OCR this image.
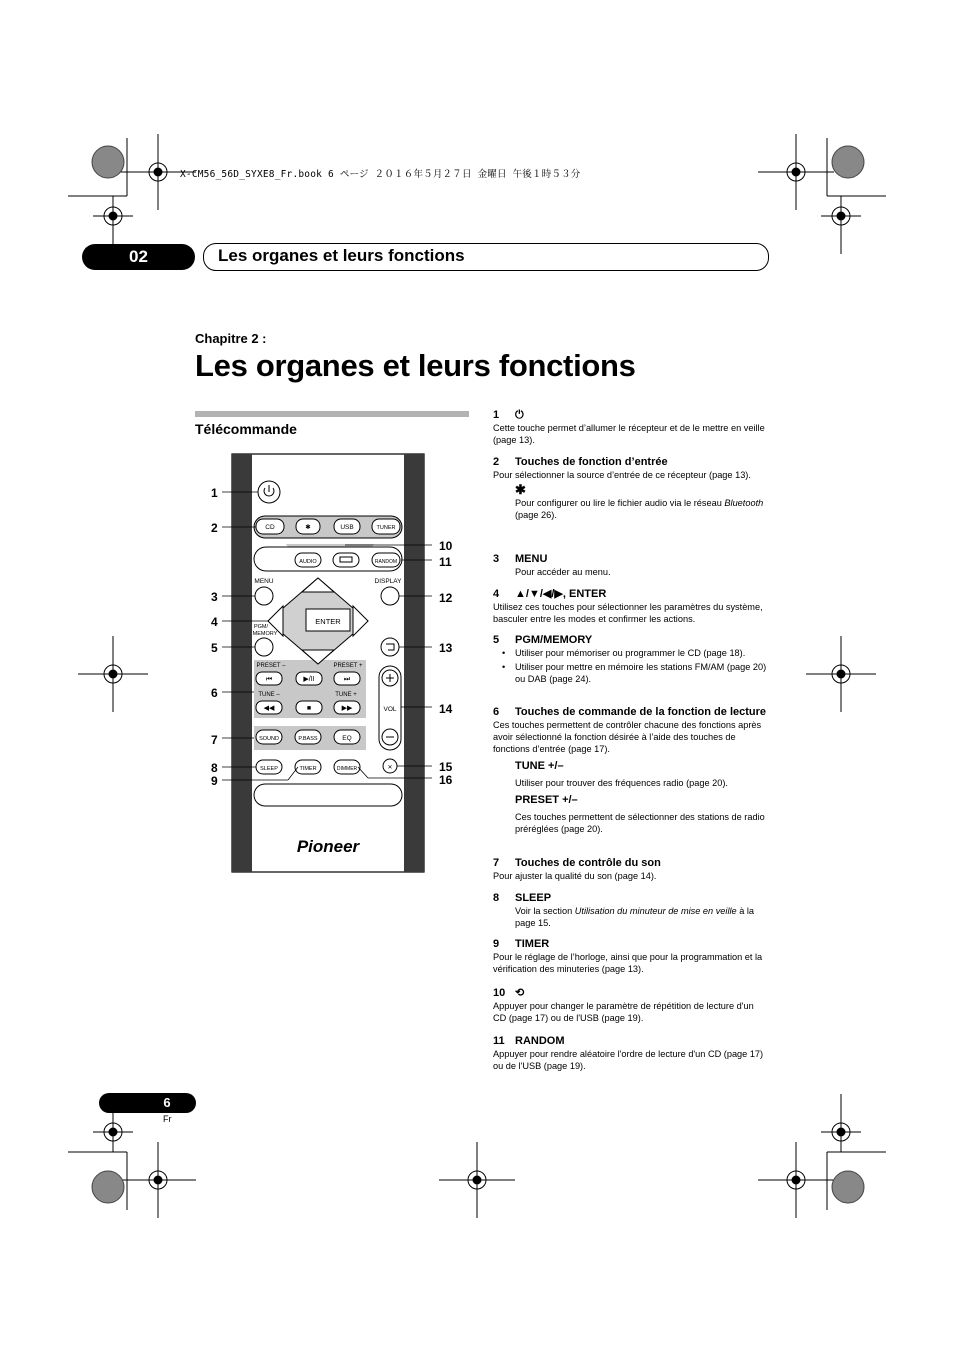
X-CM56_56D_SYXE8_Fr.book 6 ページ ２０１６年５月２７日 金曜日 午後１時５３分
02	Les organes et leurs fonctions
Chapitre 2 :
Les organes et leurs fonctions
Télécommande
CD	✱	USB	TUNER
AUDIO	RANDOM
MENU	DISPLAY
ENTER
PGM/
MEMORY
PRESET –	PRESET +
TUNE –	TUNE +
⏮	▶/II	⏭
◀◀	■	▶▶	VOL
SOUND	P.BASS	EQ
SLEEP	TIMER	DIMMER	✕
Pioneer
1
2
3
4
5
6
7
8
9
10
11
12
13
14
15
16
1 ⏻
Cette touche permet d’allumer le récepteur et de le mettre en veille (page 13).
2 Touches de fonction d’entrée
Pour sélectionner la source d’entrée de ce récepteur (page 13).
✱
Pour configurer ou lire le fichier audio via le réseau Bluetooth (page 26).
3 MENU
Pour accéder au menu.
4 ▲/▼/◀/▶, ENTER
Utilisez ces touches pour sélectionner les paramètres du système, basculer entre les modes et confirmer les actions.
5 PGM/MEMORY
• Utiliser pour mémoriser ou programmer le CD (page 18).
• Utiliser pour mettre en mémoire les stations FM/AM (page 20) ou DAB (page 24).
6 Touches de commande de la fonction de lecture
Ces touches permettent de contrôler chacune des fonctions après avoir sélectionné la fonction désirée à l’aide des touches de fonctions d’entrée (page 17).
TUNE +/–
Utiliser pour trouver des fréquences radio (page 20).
PRESET +/–
Ces touches permettent de sélectionner des stations de radio préréglées (page 20).
7 Touches de contrôle du son
Pour ajuster la qualité du son (page 14).
8 SLEEP
Voir la section Utilisation du minuteur de mise en veille à la page 15.
9 TIMER
Pour le réglage de l’horloge, ainsi que pour la programmation et la vérification des minuteries (page 13).
10 ⟲
Appuyer pour changer le paramètre de répétition de lecture d'un CD (page 17) ou de l'USB (page 19).
11 RANDOM
Appuyer pour rendre aléatoire l'ordre de lecture d'un CD (page 17) ou de l'USB (page 19).
6
Fr
